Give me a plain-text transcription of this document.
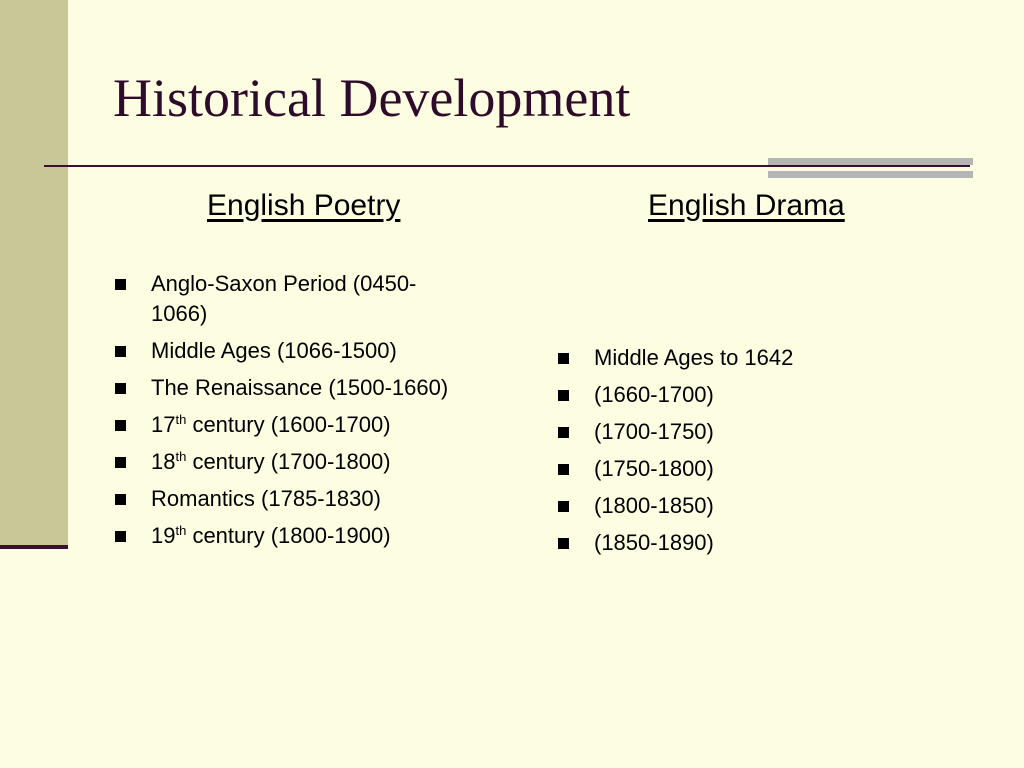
Historical Development
English Poetry
Anglo-Saxon Period (0450-1066)
Middle Ages (1066-1500)
The Renaissance (1500-1660)
17th century (1600-1700)
18th century (1700-1800)
Romantics (1785-1830)
19th century (1800-1900)
English Drama
Middle Ages to 1642
(1660-1700)
(1700-1750)
(1750-1800)
(1800-1850)
(1850-1890)
